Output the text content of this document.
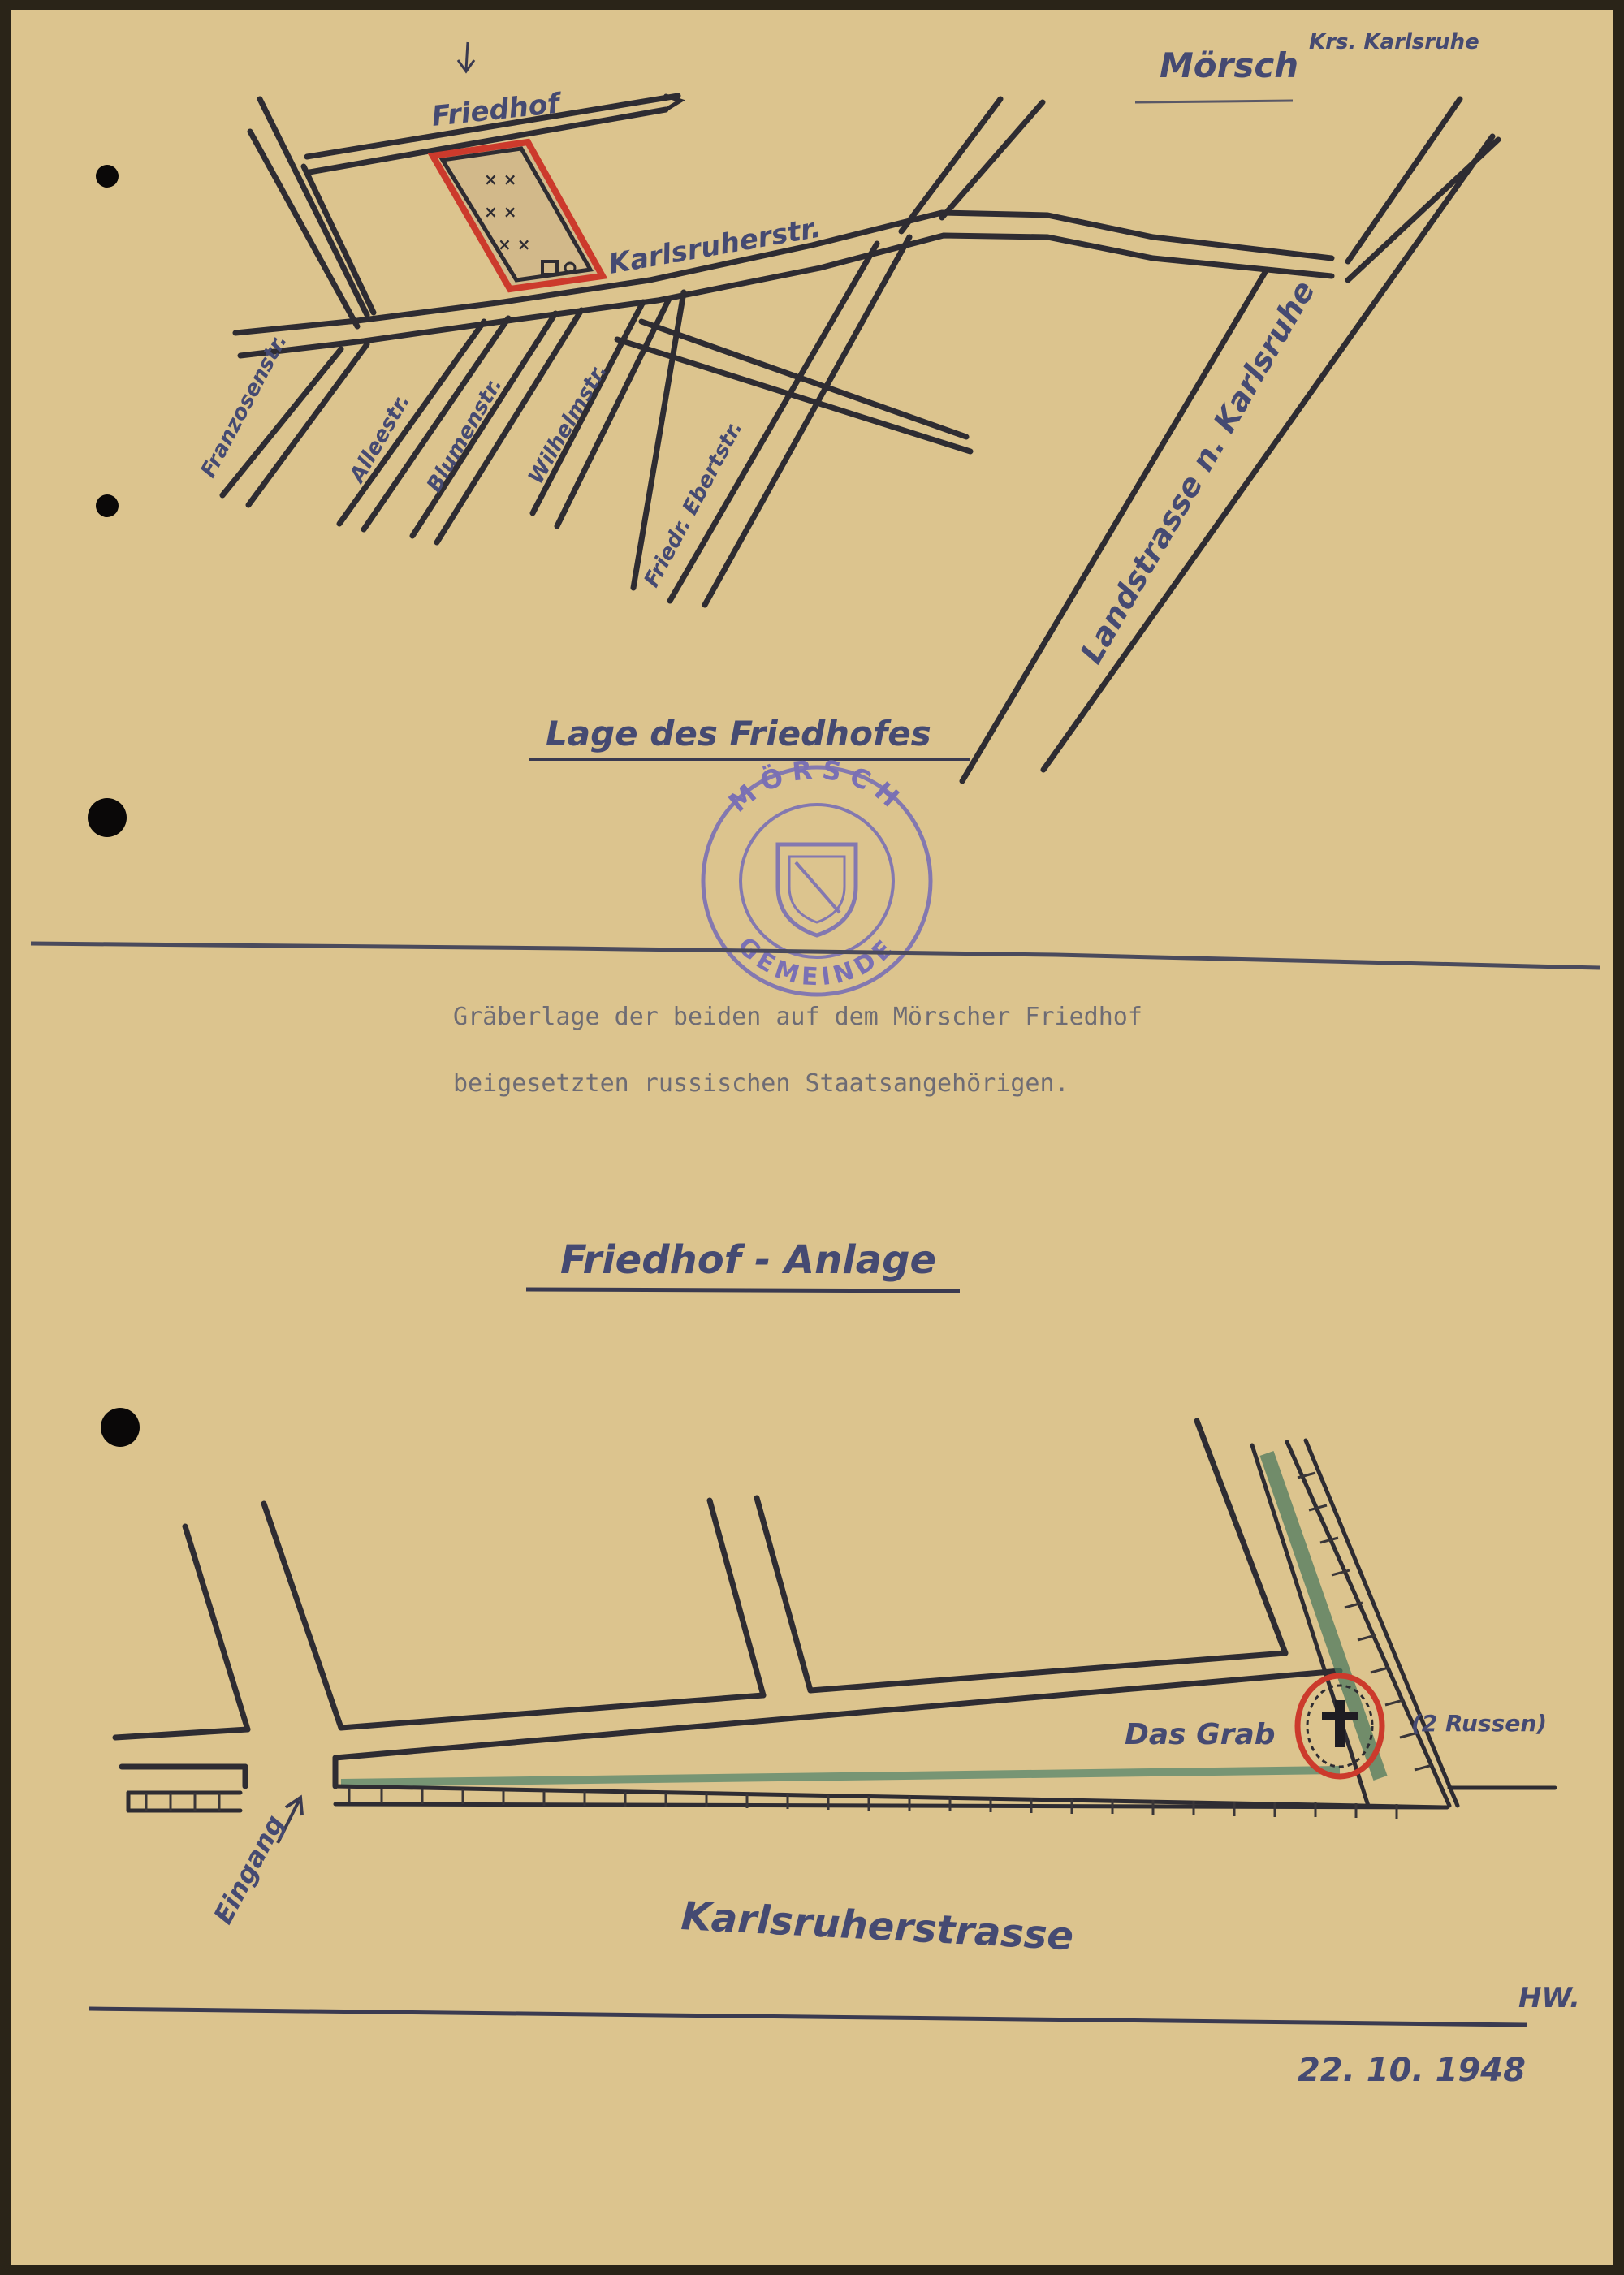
Mörsch
Krs. Karlsruhe
Friedhof
× ×
× ×
× ×	Karlsruherstr.
Franzosenstr.	Alleestr. Blumenstr. Wilhelmstr. Friedr. Ebertstr.	Landstrasse n. Karlsruhe
Lage des Friedhofes
MÖRSCH
GEMEINDE
Gräberlage der beiden auf dem Mörscher Friedhof
beigesetzten russischen Staatsangehörigen.
Friedhof - Anlage
Das Grab	(2 Russen)
Eingang	Karlsruherstrasse
HW.
22. 10. 1948
